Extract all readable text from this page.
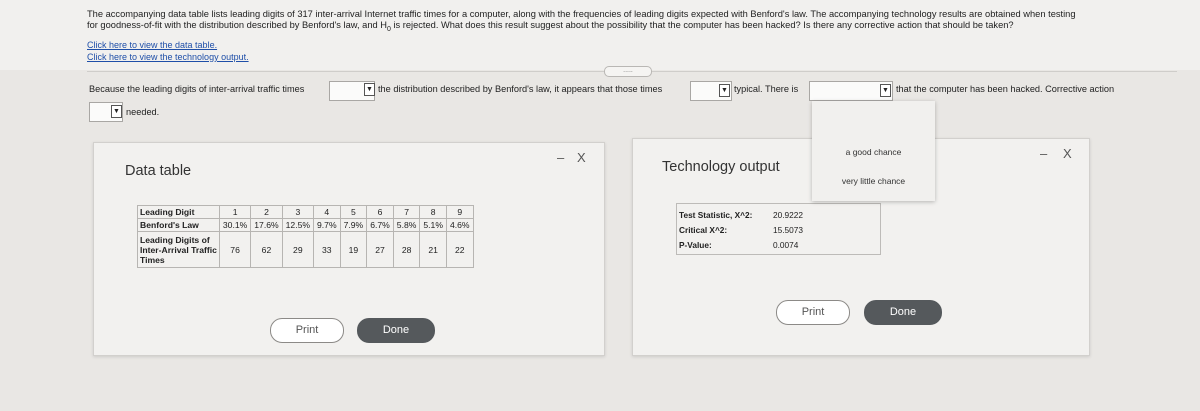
The accompanying data table lists leading digits of 317 inter-arrival Internet traffic times for a computer, along with the frequencies of leading digits expected with Benford's law. The accompanying technology results are obtained when testing
for goodness-of-fit with the distribution described by Benford's law, and $H_0$ is rejected. What does this result suggest about the possibility that the computer has been hacked? Is there any corrective action that should be taken?
Click here to view the data table.
Click here to view the technology output.
.....
Because the leading digits of inter-arrival traffic times	▼ the distribution described by Benford's law, it appears that those times	▼ typical. There is	▼ that the computer has been hacked. Corrective action
▼ needed.
Data table
– X
Leading Digit	1	2	3	4	5	6	7	8	9
Benford's Law	30.1%	17.6%	12.5%	9.7%	7.9%	6.7%	5.8%	5.1%	4.6%

Leading Digits of
Inter-Arrival Traffic
Times	76	62	29	33	19	27	28	21	22
Print	Done
Technology output
– X
Test Statistic, X^2: 20.9222
Critical X^2:	15.5073
P-Value:	0.0074
Print	Done
a good chance
very little chance
